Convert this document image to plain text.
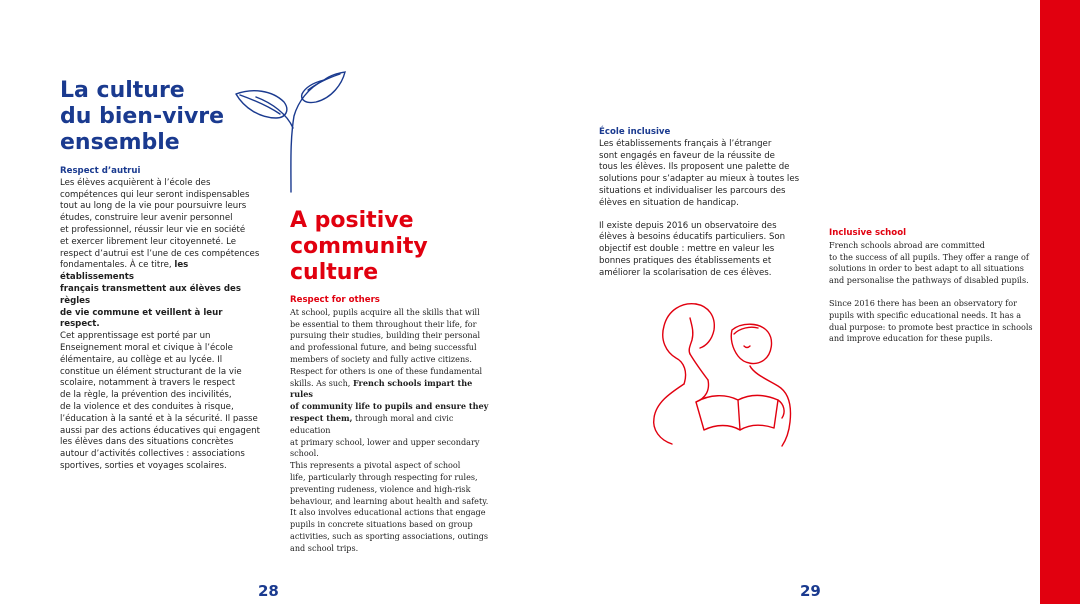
La culture
du bien-vivre
ensemble
Respect d’autrui
Les élèves acquièrent à l’école des
compétences qui leur seront indispensables
tout au long de la vie pour poursuivre leurs
études, construire leur avenir personnel
et professionnel, réussir leur vie en société
et exercer librement leur citoyenneté. Le
respect d’autrui est l’une de ces compétences
fondamentales. À ce titre, les établissements
français transmettent aux élèves des règles
de vie commune et veillent à leur respect.
Cet apprentissage est porté par un
Enseignement moral et civique à l’école
élémentaire, au collège et au lycée. Il
constitue un élément structurant de la vie
scolaire, notamment à travers le respect
de la règle, la prévention des incivilités,
de la violence et des conduites à risque,
l’éducation à la santé et à la sécurité. Il passe
aussi par des actions éducatives qui engagent
les élèves dans des situations concrètes
autour d’activités collectives : associations
sportives, sorties et voyages scolaires.
A positive
community
culture
Respect for others
At school, pupils acquire all the skills that will
be essential to them throughout their life, for
pursuing their studies, building their personal
and professional future, and being successful
members of society and fully active citizens.
Respect for others is one of these fundamental
skills. As such, French schools impart the rules
of community life to pupils and ensure they
respect them, through moral and civic education
at primary school, lower and upper secondary
school.
This represents a pivotal aspect of school
life, particularly through respecting for rules,
preventing rudeness, violence and high-risk
behaviour, and learning about health and safety.
It also involves educational actions that engage
pupils in concrete situations based on group
activities, such as sporting associations, outings
and school trips.
28
École inclusive
Les établissements français à l’étranger
sont engagés en faveur de la réussite de
tous les élèves. Ils proposent une palette de
solutions pour s’adapter au mieux à toutes les
situations et individualiser les parcours des
élèves en situation de handicap.
Il existe depuis 2016 un observatoire des
élèves à besoins éducatifs particuliers. Son
objectif est double : mettre en valeur les
bonnes pratiques des établissements et
améliorer la scolarisation de ces élèves.
Inclusive school
French schools abroad are committed
to the success of all pupils. They offer a range of
solutions in order to best adapt to all situations
and personalise the pathways of disabled pupils.
Since 2016 there has been an observatory for
pupils with specific educational needs. It has a
dual purpose: to promote best practice in schools
and improve education for these pupils.
29
